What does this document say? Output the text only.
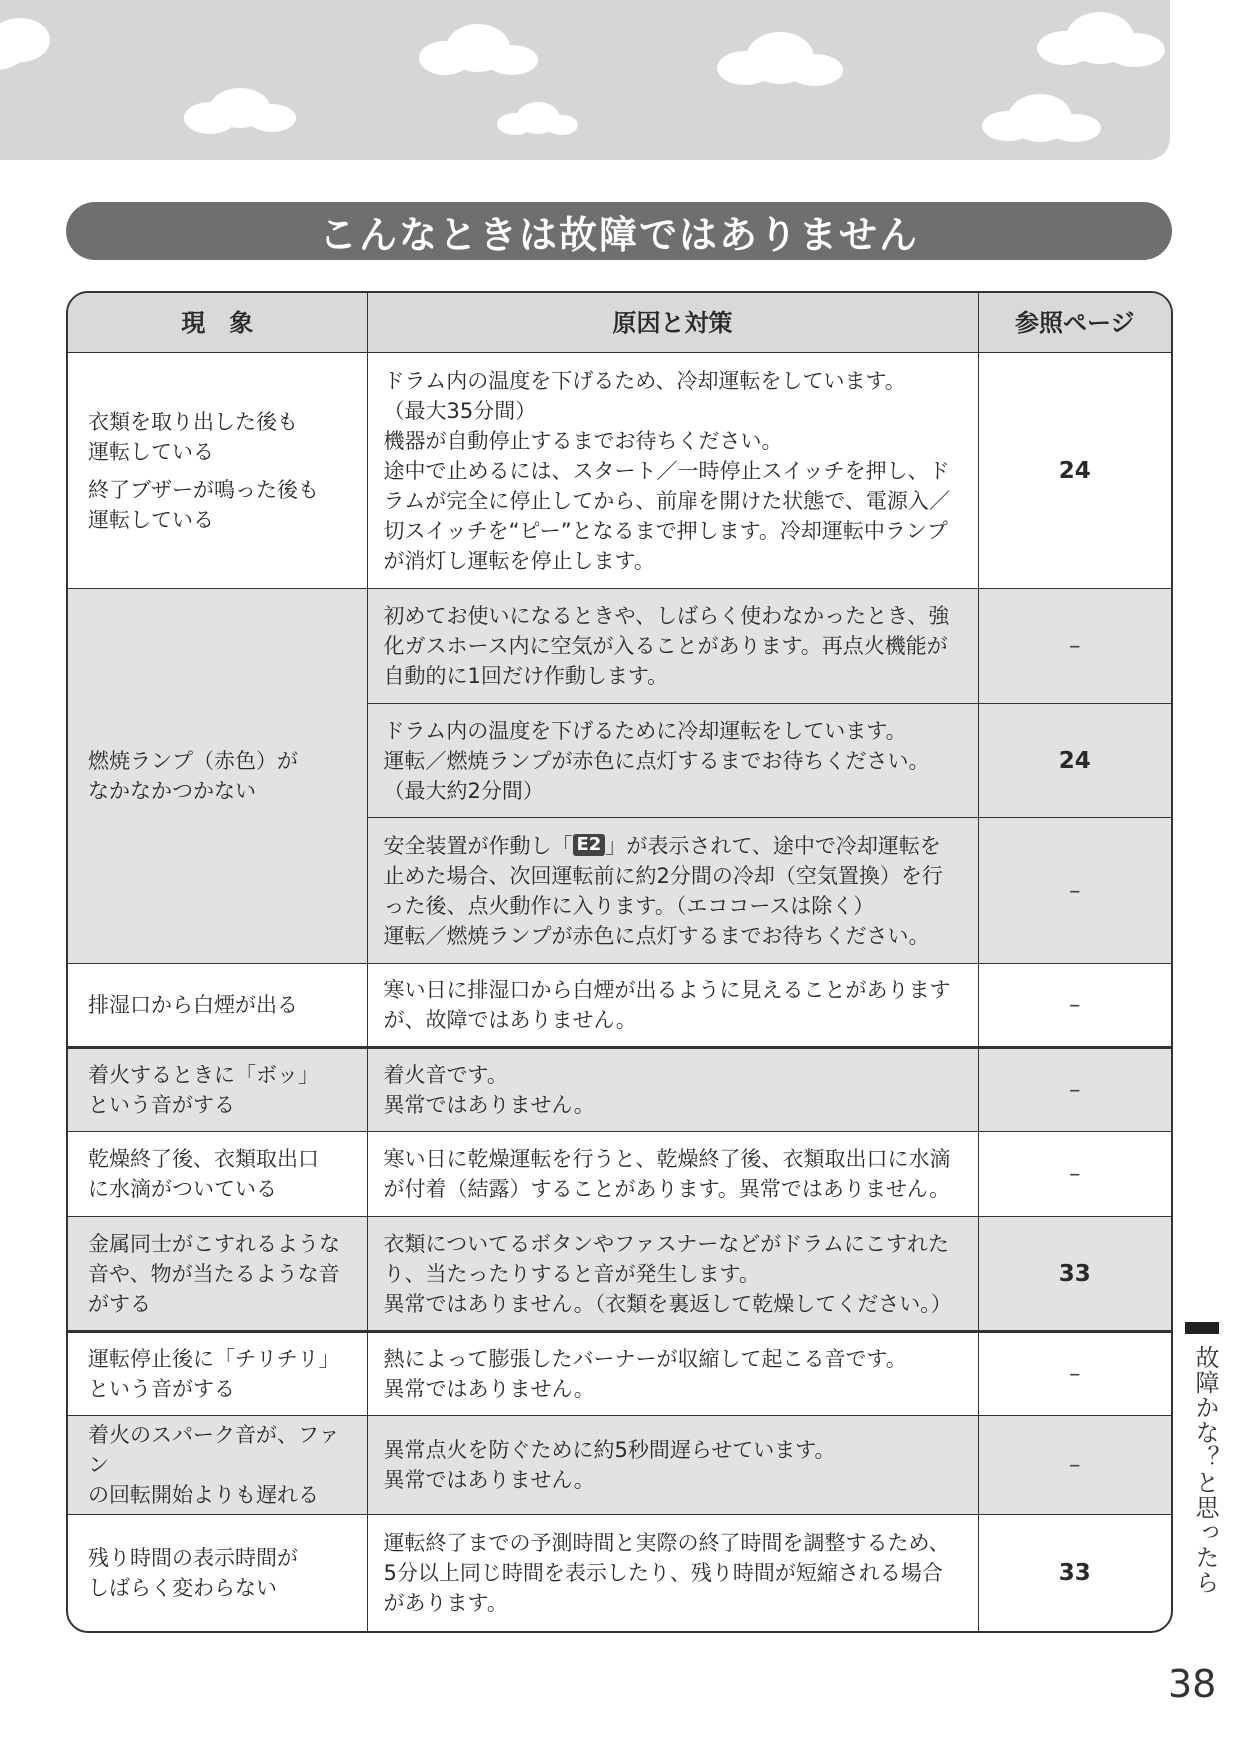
こんなときは故障ではありません
現　象	原因と対策	参照ページ

衣類を取り出した後も
運転している
終了ブザーが鳴った後も
運転している	ドラム内の温度を下げるため、冷却運転をしています。
（最大35分間）
機器が自動停止するまでお待ちください。
途中で止めるには、スタート／一時停止スイッチを押し、ドラムが完全に停止してから、前扉を開けた状態で、電源入／切スイッチを“ピー”となるまで押します。冷却運転中ランプが消灯し運転を停止します。	24

燃焼ランプ（赤色）が
なかなかつかない	初めてお使いになるときや、しばらく使わなかったとき、強化ガスホース内に空気が入ることがあります。再点火機能が自動的に1回だけ作動します。	–
	ドラム内の温度を下げるために冷却運転をしています。
運転／燃焼ランプが赤色に点灯するまでお待ちください。
（最大約2分間）	24
	安全装置が作動し「 E2 」が表示されて、途中で冷却運転を止めた場合、次回運転前に約2分間の冷却（空気置換）を行った後、点火動作に入ります。（エココースは除く）
運転／燃焼ランプが赤色に点灯するまでお待ちください。	–

排湿口から白煙が出る	寒い日に排湿口から白煙が出るように見えることがありますが、故障ではありません。	–

着火するときに「ボッ」
という音がする	着火音です。
異常ではありません。	–

乾燥終了後、衣類取出口
に水滴がついている	寒い日に乾燥運転を行うと、乾燥終了後、衣類取出口に水滴が付着（結露）することがあります。異常ではありません。	–

金属同士がこすれるような
音や、物が当たるような音
がする	衣類についてるボタンやファスナーなどがドラムにこすれたり、当たったりすると音が発生します。
異常ではありません。（衣類を裏返して乾燥してください。）	33

運転停止後に「チリチリ」
という音がする	熱によって膨張したバーナーが収縮して起こる音です。
異常ではありません。	–

着火のスパーク音が、ファン
の回転開始よりも遅れる	異常点火を防ぐために約5秒間遅らせています。
異常ではありません。	–

残り時間の表示時間が
しばらく変わらない	運転終了までの予測時間と実際の終了時間を調整するため、5分以上同じ時間を表示したり、残り時間が短縮される場合があります。	33	故障かな？と思ったら
38
